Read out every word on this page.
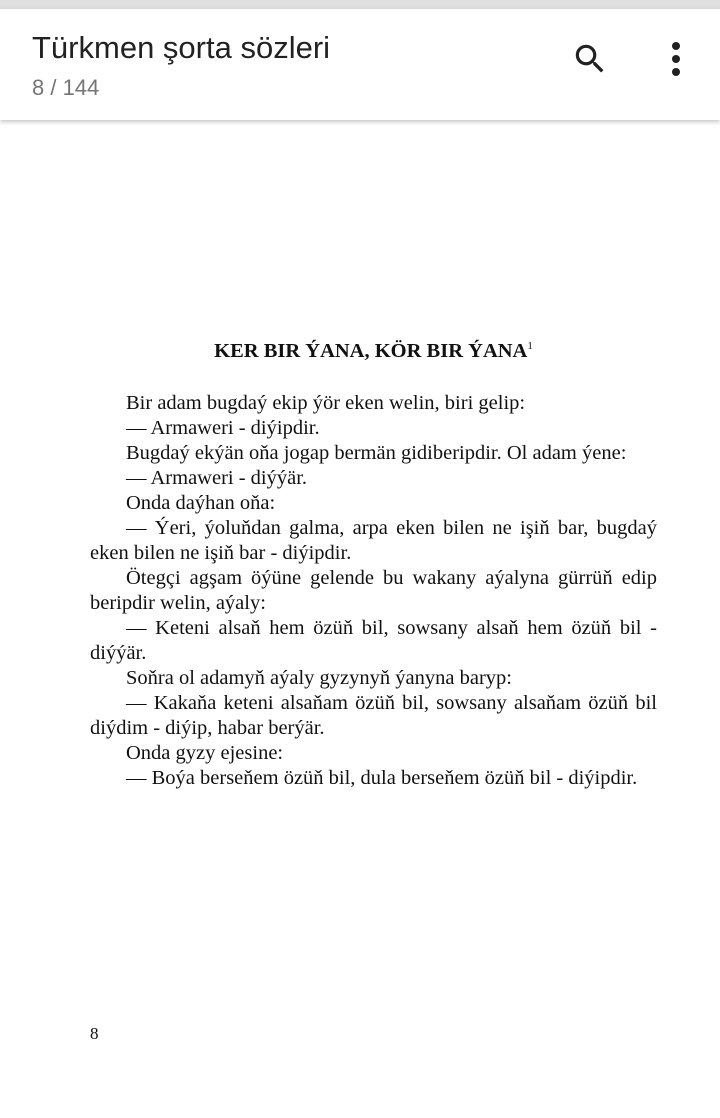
Türkmen şorta sözleri
8 / 144
KER BIR ÝANA, KÖR BIR ÝANA$^1$

Bir adam bugdaý ekip ýör eken welin, biri gelip:

— Armaweri - diýipdir.

Bugdaý ekýän oňa jogap bermän gidiberipdir. Ol adam ýene:

— Armaweri - diýýär.

Onda daýhan oňa:

— Ýeri, ýoluňdan galma, arpa eken bilen ne işiň bar, bugdaý eken bilen ne işiň bar - diýipdir.

Ötegçi agşam öýüne gelende bu wakany aýalyna gürrüň edip beripdir welin, aýaly:

— Keteni alsaň hem özüň bil, sowsany alsaň hem özüň bil - diýýär.

Soňra ol adamyň aýaly gyzynyň ýanyna baryp:

— Kakaňa keteni alsaňam özüň bil, sowsany alsaňam özüň bil diýdim - diýip, habar berýär.

Onda gyzy ejesine:

— Boýa berseňem özüň bil, dula berseňem özüň bil - diýipdir.

8
